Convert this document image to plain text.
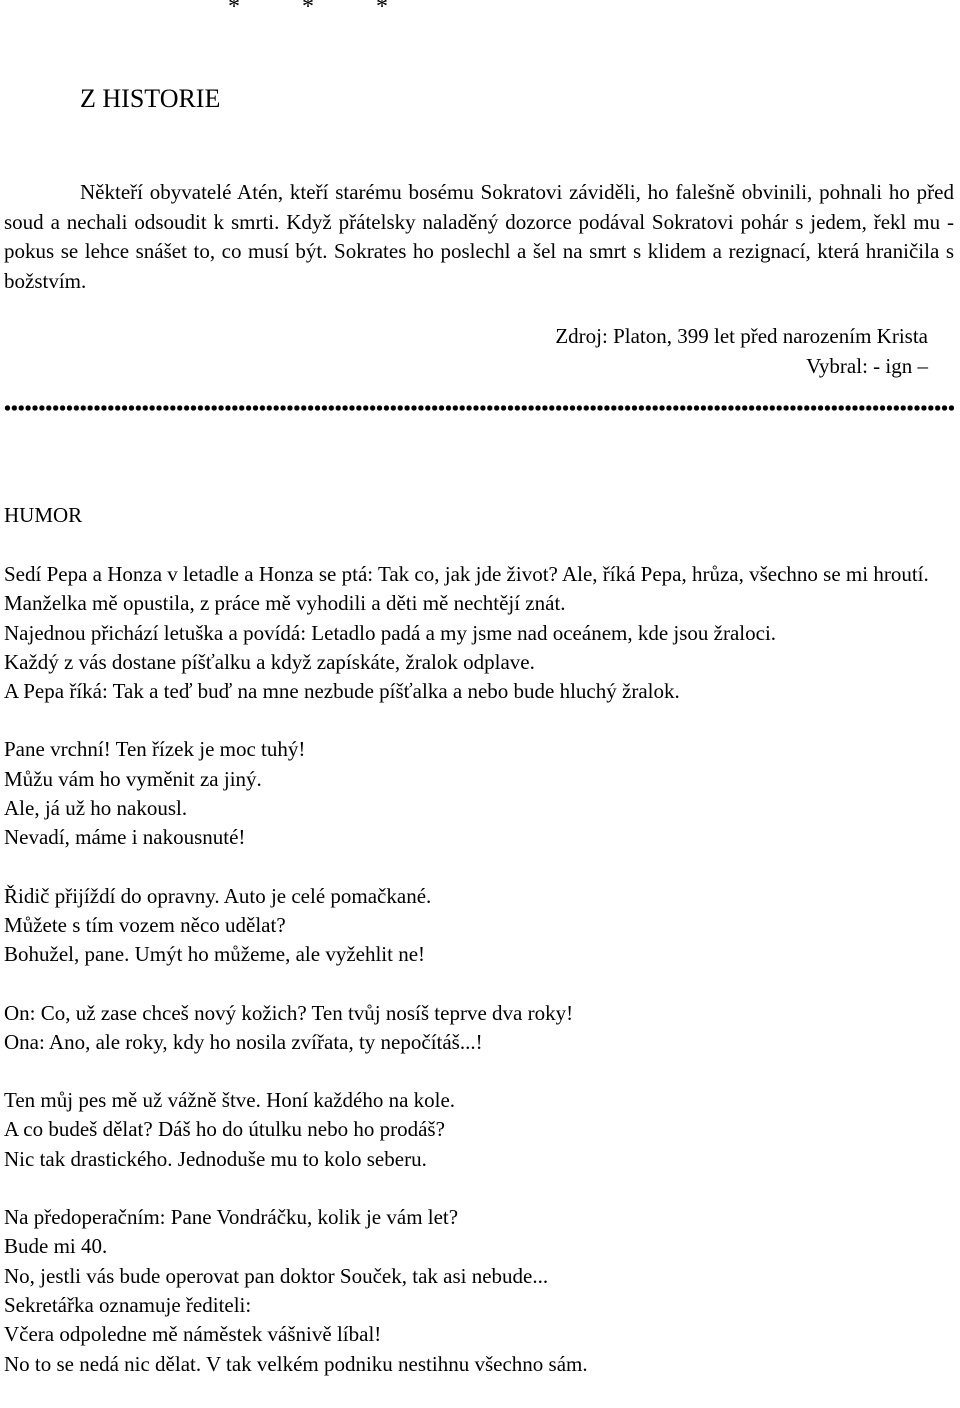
*	*	*
Z HISTORIE

Někteří obyvatelé Atén, kteří starému bosému Sokratovi záviděli, ho falešně obvinili, pohnali ho před soud a nechali odsoudit k smrti. Když přátelsky naladěný dozorce podával Sokratovi pohár s jedem, řekl mu - pokus se lehce snášet to, co musí být. Sokrates ho poslechl a šel na smrt s klidem a rezignací, která hraničila s božstvím.

Zdroj: Platon, 399 let před narozením Krista
Vybral: - ign –
HUMOR
Sedí Pepa a Honza v letadle a Honza se ptá: Tak co, jak jde život? Ale, říká Pepa, hrůza, všechno se mi hroutí. Manželka mě opustila, z práce mě vyhodili a děti mě nechtějí znát.
Najednou přichází letuška a povídá: Letadlo padá a my jsme nad oceánem, kde jsou žraloci.
Každý z vás dostane píšťalku a když zapískáte, žralok odplave.
A Pepa říká: Tak a teď buď na mne nezbude píšťalka a nebo bude hluchý žralok.
Pane vrchní! Ten řízek je moc tuhý!
Můžu vám ho vyměnit za jiný.
Ale, já už ho nakousl.
Nevadí, máme i nakousnuté!
Řidič přijíždí do opravny. Auto je celé pomačkané.
Můžete s tím vozem něco udělat?
Bohužel, pane. Umýt ho můžeme, ale vyžehlit ne!
On: Co, už zase chceš nový kožich? Ten tvůj nosíš teprve dva roky!
Ona: Ano, ale roky, kdy ho nosila zvířata, ty nepočítáš...!
Ten můj pes mě už vážně štve. Honí každého na kole.
A co budeš dělat? Dáš ho do útulku nebo ho prodáš?
Nic tak drastického. Jednoduše mu to kolo seberu.
Na předoperačním: Pane Vondráčku, kolik je vám let?
Bude mi 40.
No, jestli vás bude operovat pan doktor Souček, tak asi nebude...
Sekretářka oznamuje řediteli:
Včera odpoledne mě náměstek vášnivě líbal!
No to se nedá nic dělat. V tak velkém podniku nestihnu všechno sám.
